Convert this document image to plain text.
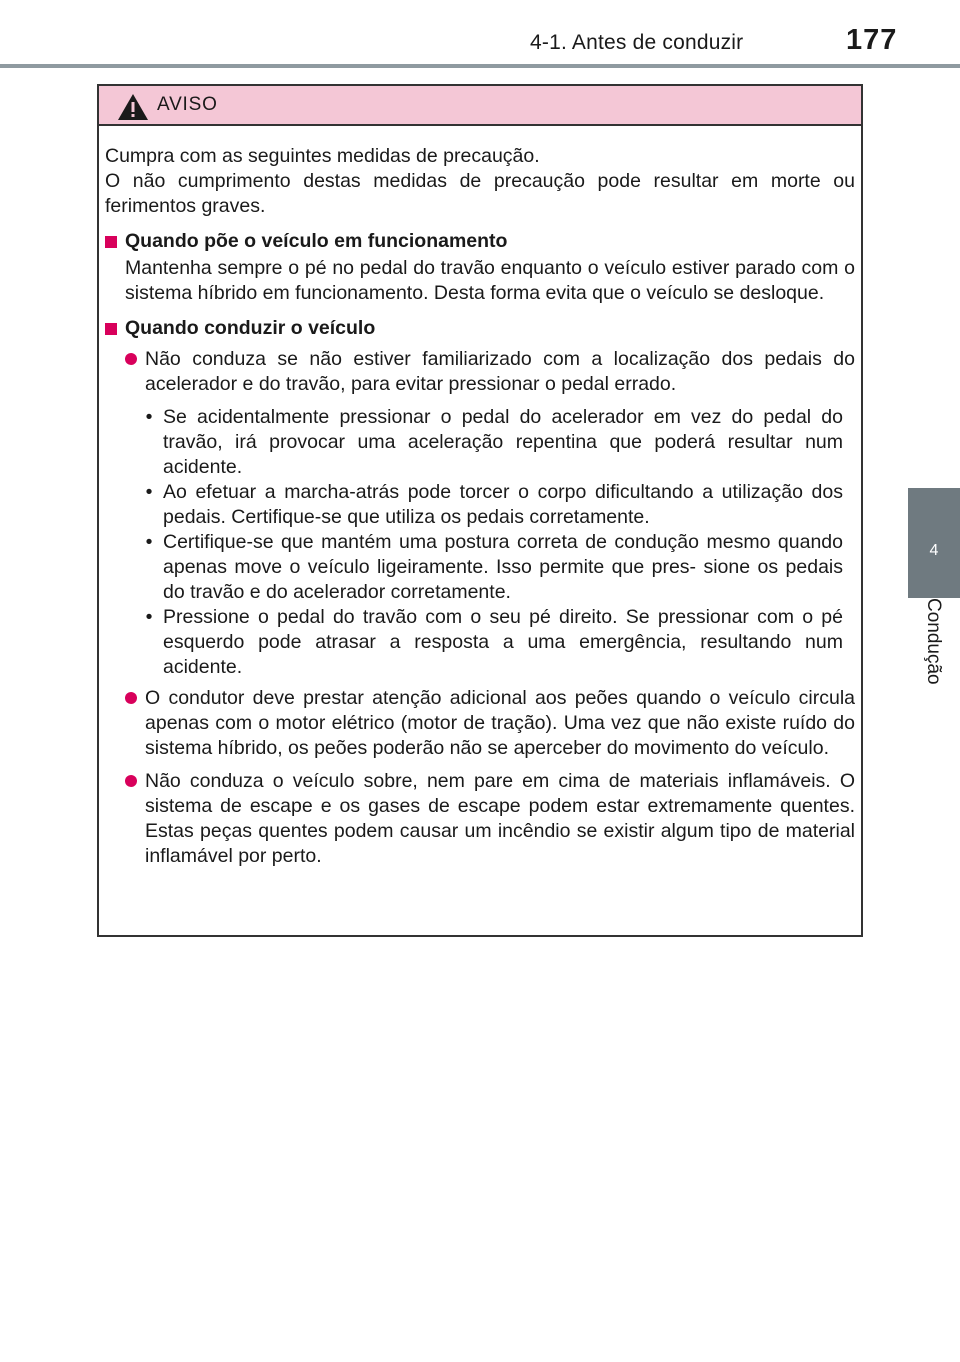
4-1. Antes de conduzir	177
4
Condução
AVISO
Cumpra com as seguintes medidas de precaução.
O não cumprimento destas medidas de precaução pode resultar em morte ou ferimentos graves.
Quando põe o veículo em funcionamento
Mantenha sempre o pé no pedal do travão enquanto o veículo estiver parado com o sistema híbrido em funcionamento. Desta forma evita que o veículo se desloque.
Quando conduzir o veículo
Não conduza se não estiver familiarizado com a localização dos pedais do acelerador e do travão, para evitar pressionar o pedal errado.
• Se acidentalmente pressionar o pedal do acelerador em vez do pedal do travão, irá provocar uma aceleração repentina que poderá resultar num acidente.
• Ao efetuar a marcha-atrás pode torcer o corpo dificultando a utilização dos pedais. Certifique-se que utiliza os pedais corretamente.
• Certifique-se que mantém uma postura correta de condução mesmo quando apenas move o veículo ligeiramente. Isso permite que pres- sione os pedais do travão e do acelerador corretamente.
• Pressione o pedal do travão com o seu pé direito. Se pressionar com o pé esquerdo pode atrasar a resposta a uma emergência, resultando num acidente.
O condutor deve prestar atenção adicional aos peões quando o veículo circula apenas com o motor elétrico (motor de tração). Uma vez que não existe ruído do sistema híbrido, os peões poderão não se aperceber do movimento do veículo.
Não conduza o veículo sobre, nem pare em cima de materiais inflamáveis. O sistema de escape e os gases de escape podem estar extremamente quentes. Estas peças quentes podem causar um incêndio se existir algum tipo de material inflamável por perto.
